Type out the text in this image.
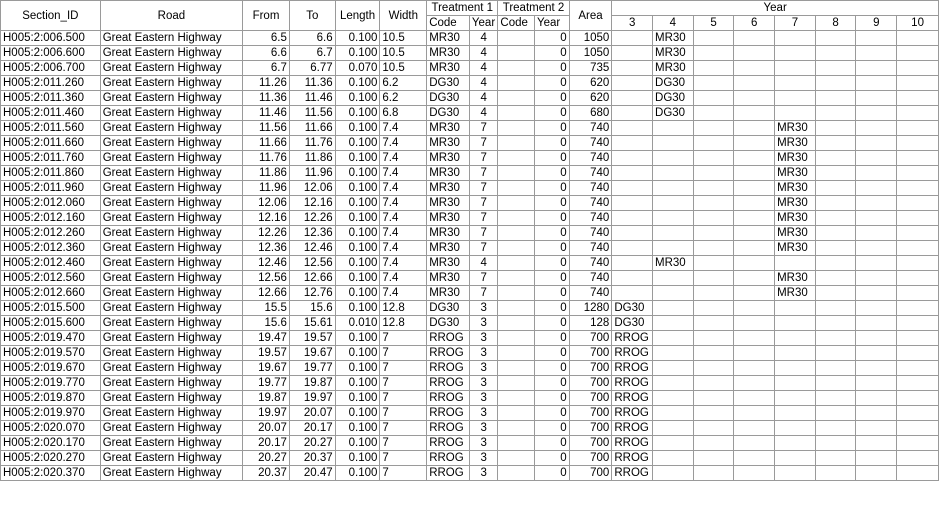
Section_ID	Road	From	To	Length	Width	Treatment 1		Treatment 2		Area	Year							
						Code	Year	Code	Year		3	4	5	6	7	8	9	10
H005:2:006.500	Great Eastern Highway	6.5	6.6	0.100	10.5	MR30	4		0	1050		MR30						
H005:2:006.600	Great Eastern Highway	6.6	6.7	0.100	10.5	MR30	4		0	1050		MR30						
H005:2:006.700	Great Eastern Highway	6.7	6.77	0.070	10.5	MR30	4		0	735		MR30						
H005:2:011.260	Great Eastern Highway	11.26	11.36	0.100	6.2	DG30	4		0	620		DG30						
H005:2:011.360	Great Eastern Highway	11.36	11.46	0.100	6.2	DG30	4		0	620		DG30						
H005:2:011.460	Great Eastern Highway	11.46	11.56	0.100	6.8	DG30	4		0	680		DG30						
H005:2:011.560	Great Eastern Highway	11.56	11.66	0.100	7.4	MR30	7		0	740					MR30			
H005:2:011.660	Great Eastern Highway	11.66	11.76	0.100	7.4	MR30	7		0	740					MR30			
H005:2:011.760	Great Eastern Highway	11.76	11.86	0.100	7.4	MR30	7		0	740					MR30			
H005:2:011.860	Great Eastern Highway	11.86	11.96	0.100	7.4	MR30	7		0	740					MR30			
H005:2:011.960	Great Eastern Highway	11.96	12.06	0.100	7.4	MR30	7		0	740					MR30			
H005:2:012.060	Great Eastern Highway	12.06	12.16	0.100	7.4	MR30	7		0	740					MR30			
H005:2:012.160	Great Eastern Highway	12.16	12.26	0.100	7.4	MR30	7		0	740					MR30			
H005:2:012.260	Great Eastern Highway	12.26	12.36	0.100	7.4	MR30	7		0	740					MR30			
H005:2:012.360	Great Eastern Highway	12.36	12.46	0.100	7.4	MR30	7		0	740					MR30			
H005:2:012.460	Great Eastern Highway	12.46	12.56	0.100	7.4	MR30	4		0	740		MR30						
H005:2:012.560	Great Eastern Highway	12.56	12.66	0.100	7.4	MR30	7		0	740					MR30			
H005:2:012.660	Great Eastern Highway	12.66	12.76	0.100	7.4	MR30	7		0	740					MR30			
H005:2:015.500	Great Eastern Highway	15.5	15.6	0.100	12.8	DG30	3		0	1280	DG30							
H005:2:015.600	Great Eastern Highway	15.6	15.61	0.010	12.8	DG30	3		0	128	DG30							
H005:2:019.470	Great Eastern Highway	19.47	19.57	0.100	7	RROG	3		0	700	RROG							
H005:2:019.570	Great Eastern Highway	19.57	19.67	0.100	7	RROG	3		0	700	RROG							
H005:2:019.670	Great Eastern Highway	19.67	19.77	0.100	7	RROG	3		0	700	RROG							
H005:2:019.770	Great Eastern Highway	19.77	19.87	0.100	7	RROG	3		0	700	RROG							
H005:2:019.870	Great Eastern Highway	19.87	19.97	0.100	7	RROG	3		0	700	RROG							
H005:2:019.970	Great Eastern Highway	19.97	20.07	0.100	7	RROG	3		0	700	RROG							
H005:2:020.070	Great Eastern Highway	20.07	20.17	0.100	7	RROG	3		0	700	RROG							
H005:2:020.170	Great Eastern Highway	20.17	20.27	0.100	7	RROG	3		0	700	RROG							
H005:2:020.270	Great Eastern Highway	20.27	20.37	0.100	7	RROG	3		0	700	RROG							
H005:2:020.370	Great Eastern Highway	20.37	20.47	0.100	7	RROG	3		0	700	RROG							
